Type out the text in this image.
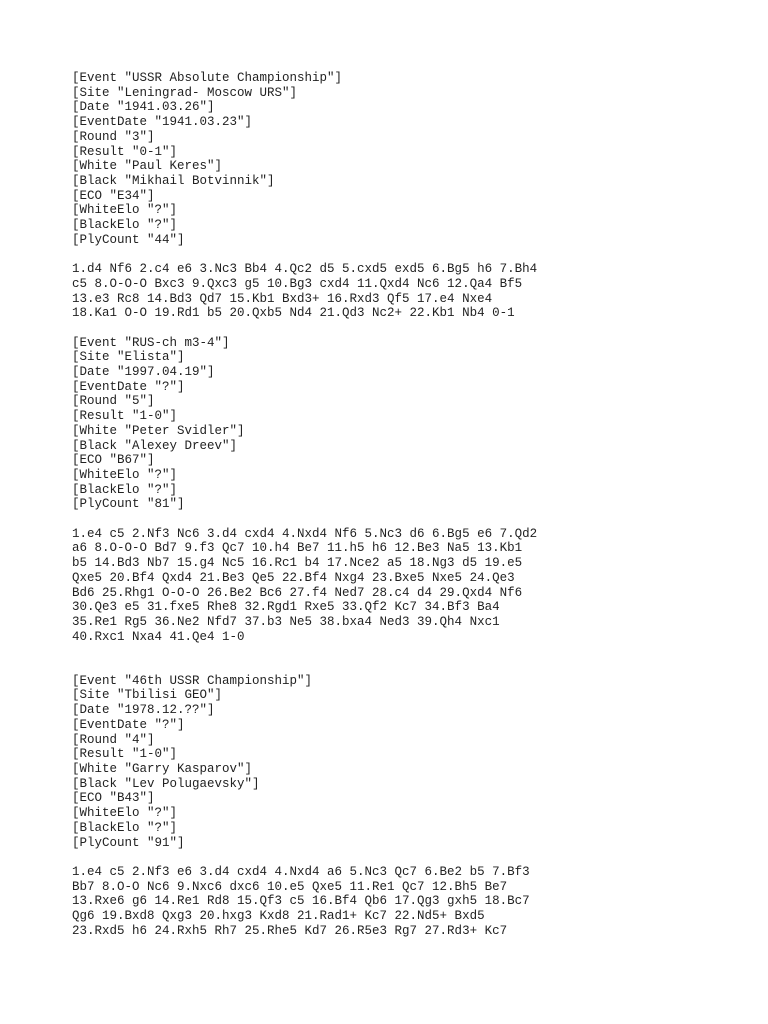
[Event "USSR Absolute Championship"]
[Site "Leningrad- Moscow URS"]
[Date "1941.03.26"]
[EventDate "1941.03.23"]
[Round "3"]
[Result "0-1"]
[White "Paul Keres"]
[Black "Mikhail Botvinnik"]
[ECO "E34"]
[WhiteElo "?"]
[BlackElo "?"]
[PlyCount "44"]
1.d4 Nf6 2.c4 e6 3.Nc3 Bb4 4.Qc2 d5 5.cxd5 exd5 6.Bg5 h6 7.Bh4
c5 8.O-O-O Bxc3 9.Qxc3 g5 10.Bg3 cxd4 11.Qxd4 Nc6 12.Qa4 Bf5
13.e3 Rc8 14.Bd3 Qd7 15.Kb1 Bxd3+ 16.Rxd3 Qf5 17.e4 Nxe4
18.Ka1 O-O 19.Rd1 b5 20.Qxb5 Nd4 21.Qd3 Nc2+ 22.Kb1 Nb4 0-1
[Event "RUS-ch m3-4"]
[Site "Elista"]
[Date "1997.04.19"]
[EventDate "?"]
[Round "5"]
[Result "1-0"]
[White "Peter Svidler"]
[Black "Alexey Dreev"]
[ECO "B67"]
[WhiteElo "?"]
[BlackElo "?"]
[PlyCount "81"]
1.e4 c5 2.Nf3 Nc6 3.d4 cxd4 4.Nxd4 Nf6 5.Nc3 d6 6.Bg5 e6 7.Qd2
a6 8.O-O-O Bd7 9.f3 Qc7 10.h4 Be7 11.h5 h6 12.Be3 Na5 13.Kb1
b5 14.Bd3 Nb7 15.g4 Nc5 16.Rc1 b4 17.Nce2 a5 18.Ng3 d5 19.e5
Qxe5 20.Bf4 Qxd4 21.Be3 Qe5 22.Bf4 Nxg4 23.Bxe5 Nxe5 24.Qe3
Bd6 25.Rhg1 O-O-O 26.Be2 Bc6 27.f4 Ned7 28.c4 d4 29.Qxd4 Nf6
30.Qe3 e5 31.fxe5 Rhe8 32.Rgd1 Rxe5 33.Qf2 Kc7 34.Bf3 Ba4
35.Re1 Rg5 36.Ne2 Nfd7 37.b3 Ne5 38.bxa4 Ned3 39.Qh4 Nxc1
40.Rxc1 Nxa4 41.Qe4 1-0
[Event "46th USSR Championship"]
[Site "Tbilisi GEO"]
[Date "1978.12.??"]
[EventDate "?"]
[Round "4"]
[Result "1-0"]
[White "Garry Kasparov"]
[Black "Lev Polugaevsky"]
[ECO "B43"]
[WhiteElo "?"]
[BlackElo "?"]
[PlyCount "91"]
1.e4 c5 2.Nf3 e6 3.d4 cxd4 4.Nxd4 a6 5.Nc3 Qc7 6.Be2 b5 7.Bf3
Bb7 8.O-O Nc6 9.Nxc6 dxc6 10.e5 Qxe5 11.Re1 Qc7 12.Bh5 Be7
13.Rxe6 g6 14.Re1 Rd8 15.Qf3 c5 16.Bf4 Qb6 17.Qg3 gxh5 18.Bc7
Qg6 19.Bxd8 Qxg3 20.hxg3 Kxd8 21.Rad1+ Kc7 22.Nd5+ Bxd5
23.Rxd5 h6 24.Rxh5 Rh7 25.Rhe5 Kd7 26.R5e3 Rg7 27.Rd3+ Kc7
